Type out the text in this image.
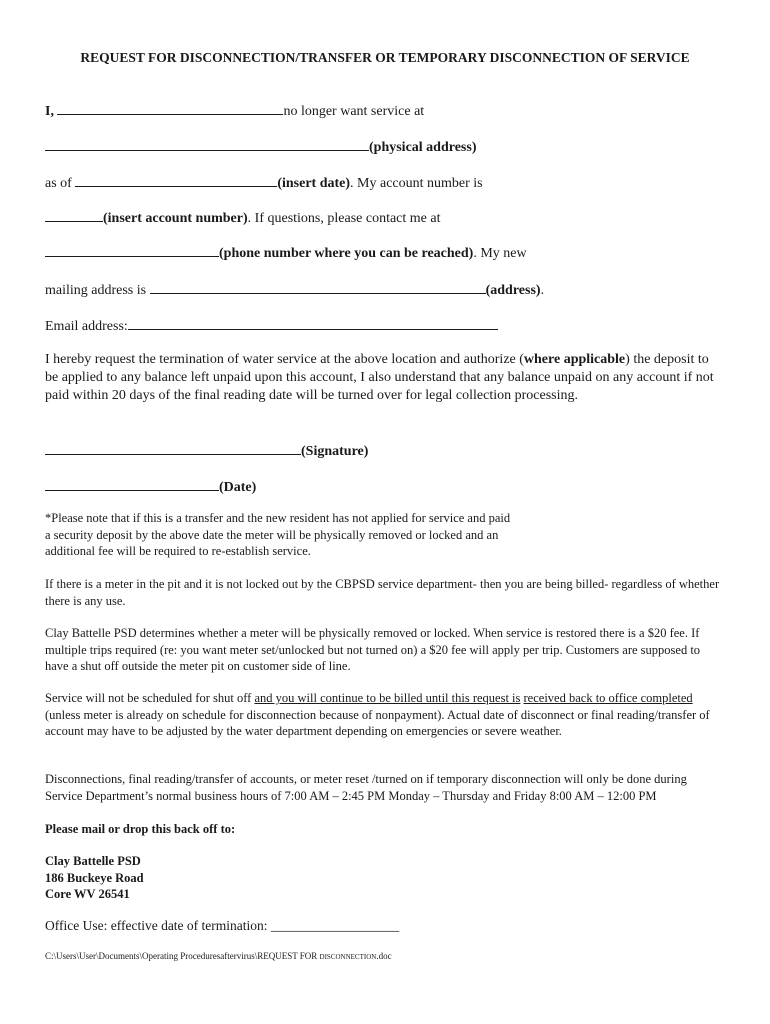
REQUEST FOR DISCONNECTION/TRANSFER OR TEMPORARY DISCONNECTION OF SERVICE
I,	no longer want service at
(physical address)
as of	(insert date). My account number is
(insert account number). If questions, please contact me at
(phone number where you can be reached). My new
mailing address is	(address).
Email address:
I hereby request the termination of water service at the above location and authorize (where applicable) the deposit to be applied to any balance left unpaid upon this account, I also understand that any balance unpaid on any account if not paid within 20 days of the final reading date will be turned over for legal collection processing.
(Signature)
(Date)
*Please note that if this is a transfer and the new resident has not applied for service and paid a security deposit by the above date the meter will be physically removed or locked and an additional fee will be required to re-establish service.
If there is a meter in the pit and it is not locked out by the CBPSD service department- then you are being billed- regardless of whether there is any use.
Clay Battelle PSD determines whether a meter will be physically removed or locked. When service is restored there is a $20 fee. If multiple trips required (re: you want meter set/unlocked but not turned on) a $20 fee will apply per trip. Customers are supposed to have a shut off outside the meter pit on customer side of line.
Service will not be scheduled for shut off and you will continue to be billed until this request is received back to office completed (unless meter is already on schedule for disconnection because of nonpayment). Actual date of disconnect or final reading/transfer of account may have to be adjusted by the water department depending on emergencies or severe weather.
Disconnections, final reading/transfer of accounts, or meter reset /turned on if temporary disconnection will only be done during Service Department’s normal business hours of 7:00 AM – 2:45 PM Monday – Thursday and Friday 8:00 AM – 12:00 PM
Please mail or drop this back off to:
Clay Battelle PSD
186 Buckeye Road
Core WV 26541
Office Use: effective date of termination: ___________________
C:\Users\User\Documents\Operating Proceduresaftervirus\REQUEST FOR DISCONNECTION.doc
